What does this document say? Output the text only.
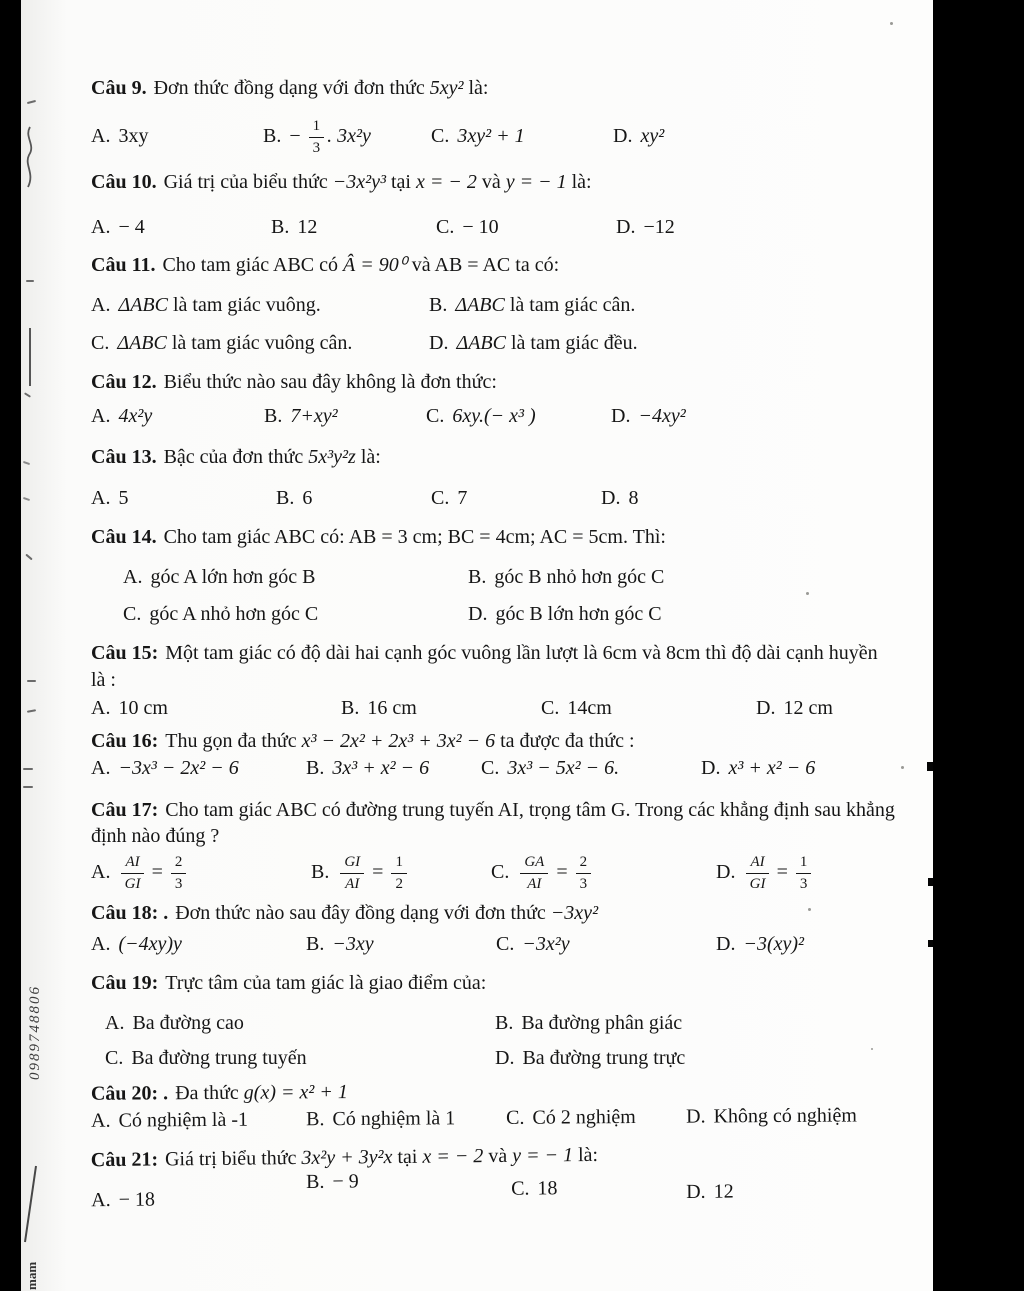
Câu 9. Đơn thức đồng dạng với đơn thức 5xy² là:

A. 3xy	B. − $\frac{1}{3}$ . 3x²y	C. 3xy² + 1	D. xy²

Câu 10. Giá trị của biểu thức −3x²y³ tại x = − 2 và y = − 1 là:

A. − 4	B. 12	C. − 10	D. −12

Câu 11. Cho tam giác ABC có Â = 90⁰ và AB = AC ta có:

A. ΔABC là tam giác vuông.	B. ΔABC là tam giác cân.
C. ΔABC là tam giác vuông cân.	D. ΔABC là tam giác đều.

Câu 12. Biểu thức nào sau đây không là đơn thức:

A. 4x²y	B. 7+xy²	C. 6xy.(− x³ )	D. −4xy²

Câu 13. Bậc của đơn thức 5x³y²z là:

A. 5	B. 6	C. 7	D. 8

Câu 14. Cho tam giác ABC có: AB = 3 cm; BC = 4cm; AC = 5cm. Thì:

A. góc A lớn hơn góc B	B. góc B nhỏ hơn góc C
C. góc A nhỏ hơn góc C	D. góc B lớn hơn góc C

Câu 15: Một tam giác có độ dài hai cạnh góc vuông lần lượt là 6cm và 8cm thì độ dài cạnh huyền là :

A. 10 cm	B. 16 cm	C. 14cm	D. 12 cm

Câu 16: Thu gọn đa thức x³ − 2x² + 2x³ + 3x² − 6 ta được đa thức :

A. −3x³ − 2x² − 6	B. 3x³ + x² − 6	C. 3x³ − 5x² − 6.	D. x³ + x² − 6

Câu 17: Cho tam giác ABC có đường trung tuyến AI, trọng tâm G. Trong các khẳng định sau khẳng định nào đúng ?

A. $\frac{AI}{GI} = \frac{2}{3}$	B. $\frac{GI}{AI} = \frac{1}{2}$	C. $\frac{GA}{AI} = \frac{2}{3}$	D. $\frac{AI}{GI} = \frac{1}{3}$

Câu 18: . Đơn thức nào sau đây đồng dạng với đơn thức −3xy²

A. (−4xy)y	B. −3xy	C. −3x²y	D. −3(xy)²

Câu 19: Trực tâm của tam giác là giao điểm của:

A. Ba đường cao	B. Ba đường phân giác
C. Ba đường trung tuyến	D. Ba đường trung trực

Câu 20: . Đa thức g(x) = x² + 1

A. Có nghiệm là -1	B. Có nghiệm là 1	C. Có 2 nghiệm	D. Không có nghiệm

Câu 21: Giá trị biểu thức 3x²y + 3y²x tại x = − 2 và y = − 1 là:

A. − 18
B. − 9	C. 18	D. 12
0989748806
mam
